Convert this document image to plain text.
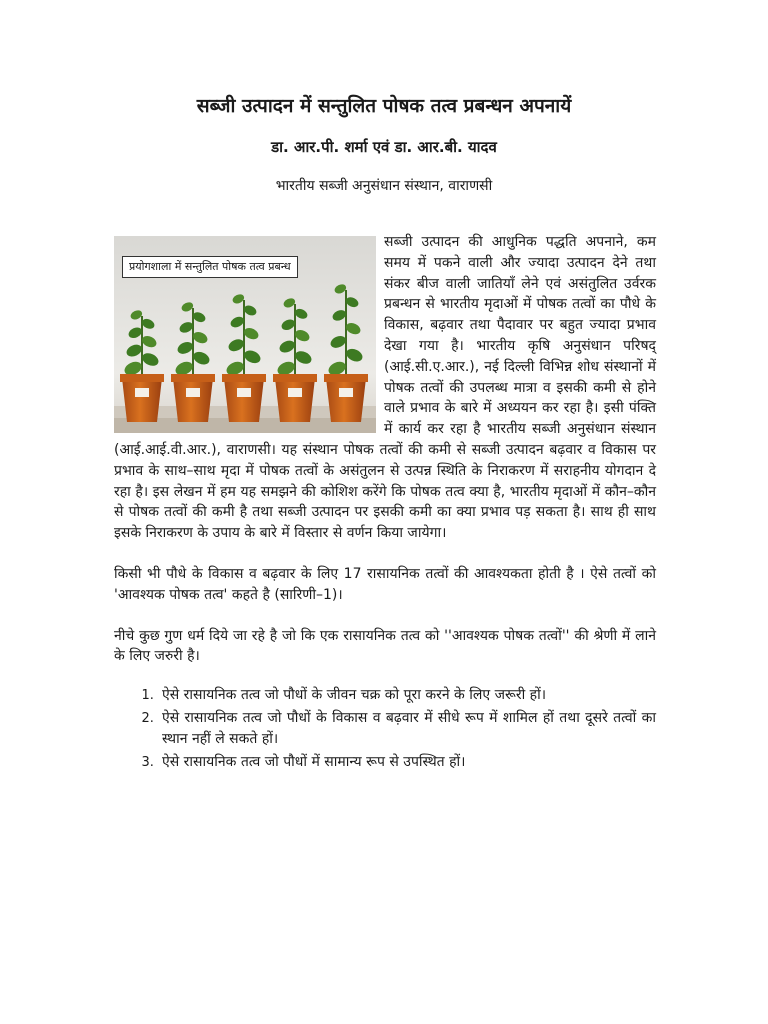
सब्जी उत्पादन में सन्तुलित पोषक तत्व प्रबन्धन अपनायें

डा. आर.पी. शर्मा एवं डा. आर.बी. यादव

भारतीय सब्जी अनुसंधान संस्थान, वाराणसी

प्रयोगशाला में सन्तुलित पोषक तत्व प्रबन्ध
सब्जी उत्पादन की आधुनिक पद्धति अपनाने, कम समय में पकने वाली और ज्यादा उत्पादन देने तथा संकर बीज वाली जातियाँ लेने एवं असंतुलित उर्वरक प्रबन्धन से भारतीय मृदाओं में पोषक तत्वों का पौधे के विकास, बढ़वार तथा पैदावार पर बहुत ज्यादा प्रभाव देखा गया है। भारतीय कृषि अनुसंधान परिषद् (आई.सी.ए.आर.), नई दिल्ली विभिन्न शोध संस्थानों में पोषक तत्वों की उपलब्ध मात्रा व इसकी कमी से होने वाले प्रभाव के बारे में अध्ययन कर रहा है। इसी पंक्ति में कार्य कर रहा है भारतीय सब्जी अनुसंधान संस्थान (आई.आई.वी.आर.), वाराणसी। यह संस्थान पोषक तत्वों की कमी से सब्जी उत्पादन बढ़वार व विकास पर प्रभाव के साथ–साथ मृदा में पोषक तत्वों के असंतुलन से उत्पन्न स्थिति के निराकरण में सराहनीय योगदान दे रहा है। इस लेखन में हम यह समझने की कोशिश करेंगे कि पोषक तत्व क्या है, भारतीय मृदाओं में कौन–कौन से पोषक तत्वों की कमी है तथा सब्जी उत्पादन पर इसकी कमी का क्या प्रभाव पड़ सकता है। साथ ही साथ इसके निराकरण के उपाय के बारे में विस्तार से वर्णन किया जायेगा।

किसी भी पौधे के विकास व बढ़वार के लिए 17 रासायनिक तत्वों की आवश्यकता होती है । ऐसे तत्वों को 'आवश्यक पोषक तत्व' कहते है (सारिणी–1)।

नीचे कुछ गुण धर्म दिये जा रहे है जो कि एक रासायनिक तत्व को ''आवश्यक पोषक तत्वों'' की श्रेणी में लाने के लिए जरुरी है।

1. ऐसे रासायनिक तत्व जो पौधों के जीवन चक्र को पूरा करने के लिए जरूरी हों।
2. ऐसे रासायनिक तत्व जो पौधों के विकास व बढ़वार में सीधे रूप में शामिल हों तथा दूसरे तत्वों का स्थान नहीं ले सकते हों।
3. ऐसे रासायनिक तत्व जो पौधों में सामान्य रूप से उपस्थित हों।
